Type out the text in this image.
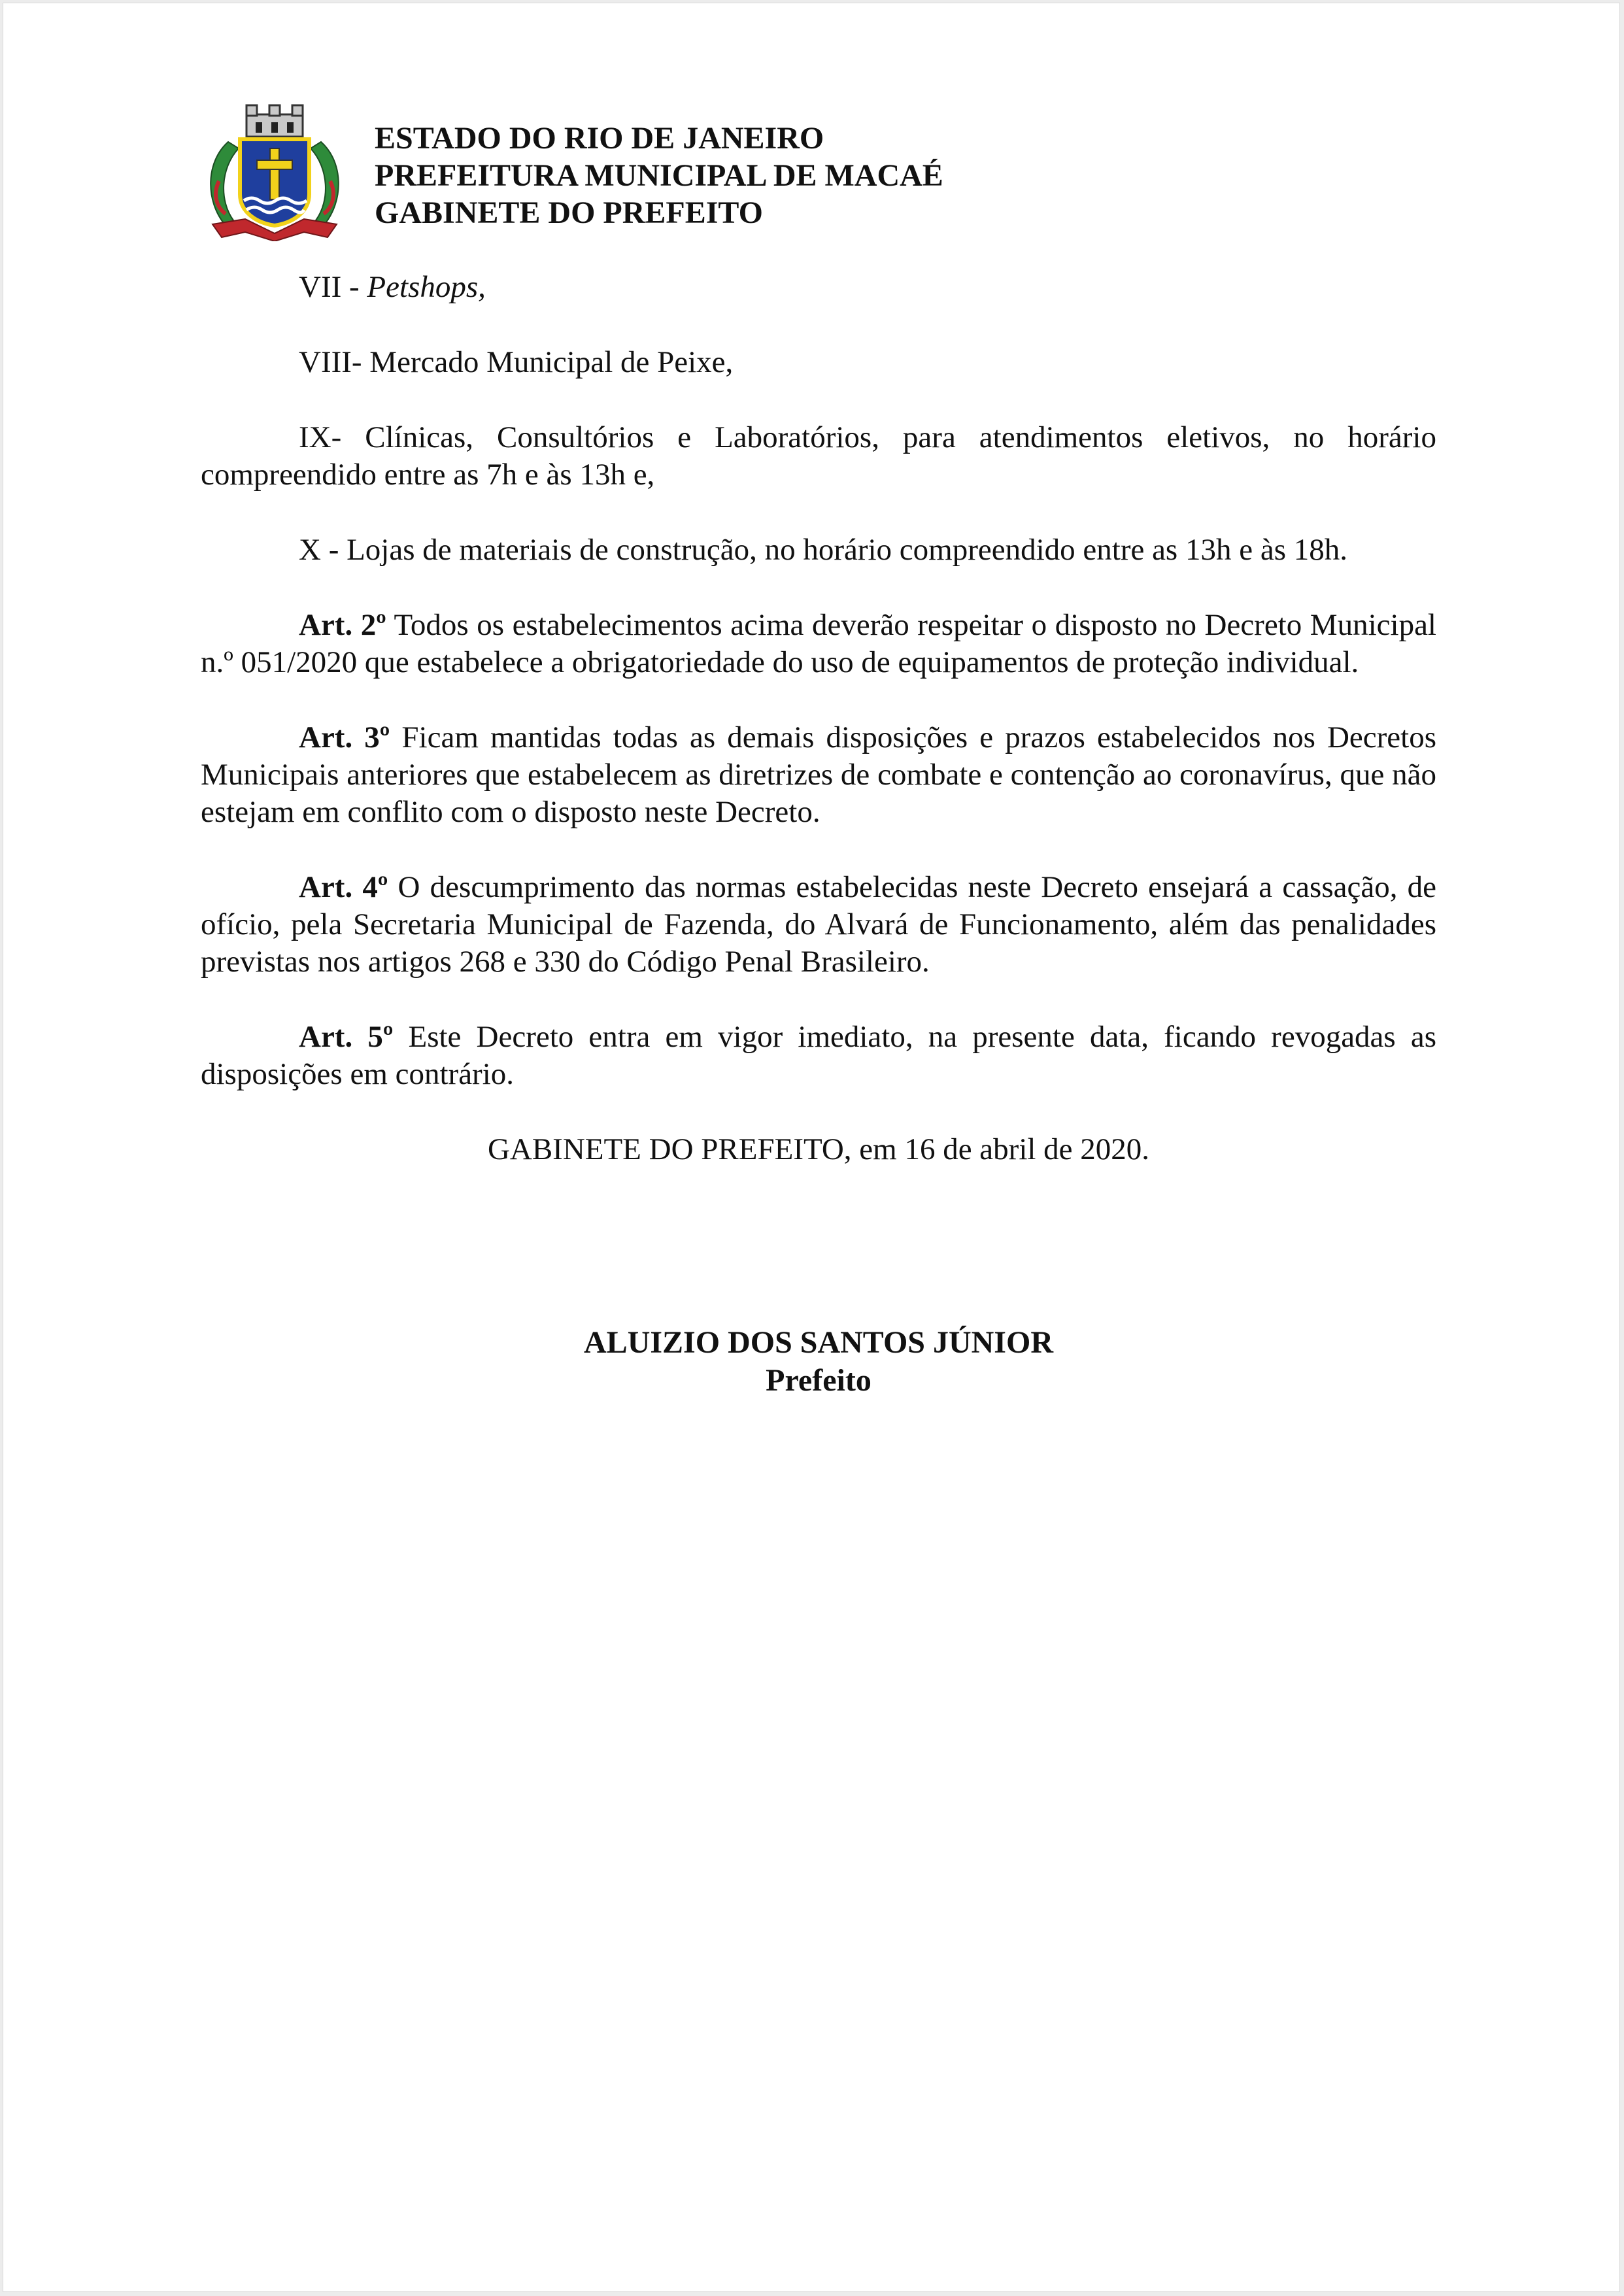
ESTADO DO RIO DE JANEIRO
PREFEITURA MUNICIPAL DE MACAÉ
GABINETE DO PREFEITO

VII - Petshops,

VIII- Mercado Municipal de Peixe,

IX- Clínicas, Consultórios e Laboratórios, para atendimentos eletivos, no horário compreendido entre as 7h e às 13h e,

X - Lojas de materiais de construção, no horário compreendido entre as 13h e às 18h.

Art. 2º Todos os estabelecimentos acima deverão respeitar o disposto no Decreto Municipal n.º 051/2020 que estabelece a obrigatoriedade do uso de equipamentos de proteção individual.

Art. 3º Ficam mantidas todas as demais disposições e prazos estabelecidos nos Decretos Municipais anteriores que estabelecem as diretrizes de combate e contenção ao coronavírus, que não estejam em conflito com o disposto neste Decreto.

Art. 4º O descumprimento das normas estabelecidas neste Decreto ensejará a cassação, de ofício, pela Secretaria Municipal de Fazenda, do Alvará de Funcionamento, além das penalidades previstas nos artigos 268 e 330 do Código Penal Brasileiro.

Art. 5º Este Decreto entra em vigor imediato, na presente data, ficando revogadas as disposições em contrário.

GABINETE DO PREFEITO, em 16 de abril de 2020.

ALUIZIO DOS SANTOS JÚNIOR
Prefeito
